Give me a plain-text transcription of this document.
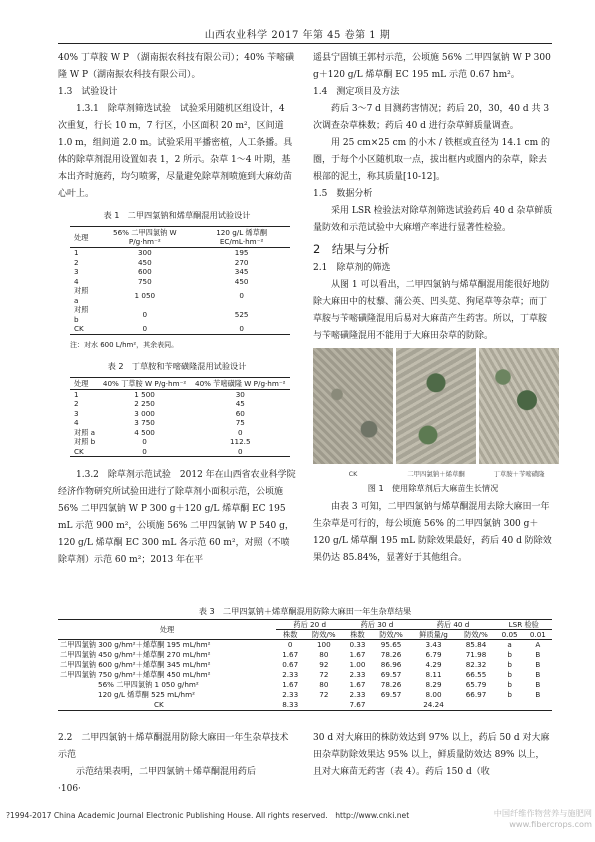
山西农业科学 2017 年第 45 卷第 1 期

40% 丁草胺 W P （湖南振农科技有限公司）；40% 苄嘧磺隆 W P（湖南振农科技有限公司）。

1.3　试验设计

1.3.1　除草剂筛选试验　试验采用随机区组设计，4 次重复，行长 10 m，7 行区，小区面积 20 m²，区间道 1.0 m，组间道 2.0 m。试验采用平播密植，人工条播。具体的除草剂混用设置如表 1，2 所示。杂草 1～4 叶期，基本出齐时施药，均匀喷雾，尽量避免除草剂喷施到大麻幼苗心叶上。

表 1　二甲四氯钠和烯草酮混用试验设计
处理	56% 二甲四氯钠 W P/g·hm⁻²	120 g/L 烯草酮 EC/mL·hm⁻²
1	300	195
2	450	270
3	600	345
4	750	450
对照 a	1 050	0
对照 b	0	525
CK	0	0
注：对水 600 L/hm²，其余表同。
表 2　丁草胺和苄嘧磺隆混用试验设计
处理	40% 丁草胺 W P/g·hm⁻²	40% 苄嘧磺隆 W P/g·hm⁻²
1	1 500	30
2	2 250	45
3	3 000	60
4	3 750	75
对照 a	4 500	0
对照 b	0	112.5
CK	0	0

1.3.2　除草剂示范试验　2012 年在山西省农业科学院经济作物研究所试验田进行了除草剂小面积示范，公顷施 56% 二甲四氯钠 W P 300 g＋120 g/L 烯草酮 EC 195 mL 示范 900 m²，公顷施 56% 二甲四氯钠 W P 540 g，120 g/L 烯草酮 EC 300 mL 各示范 60 m²，对照（不喷除草剂）示范 60 m²；2013 年在平

遥县宁固镇王郭村示范，公顷施 56% 二甲四氯钠 W P 300 g＋120 g/L 烯草酮 EC 195 mL 示范 0.67 hm²。

1.4　测定项目及方法

药后 3～7 d 目测药害情况；药后 20，30，40 d 共 3 次调查杂草株数；药后 40 d 进行杂草鲜质量调查。

用 25 cm×25 cm 的小木 / 铁框或直径为 14.1 cm 的圈，于每个小区随机取一点，拔出框内或圈内的杂草，除去根部的泥土，称其质量[10-12]。

1.5　数据分析

采用 LSR 检验法对除草剂筛选试验药后 40 d 杂草鲜质量防效和示范试验中大麻增产率进行显著性检验。

2　结果与分析

2.1　除草剂的筛选

从图 1 可以看出，二甲四氯钠与烯草酮混用能很好地防除大麻田中的杖藜、蒲公英、凹头苋、狗尾草等杂草；而丁草胺与苄嘧磺隆混用后易对大麻苗产生药害。所以，丁草胺与苄嘧磺隆混用不能用于大麻田杂草的防除。

CK	二甲四氯钠＋烯草酮	丁草胺＋苄嘧磺隆
图 1　使用除草剂后大麻苗生长情况

由表 3 可知，二甲四氯钠与烯草酮混用去除大麻田一年生杂草是可行的，每公顷施 56% 的二甲四氯钠 300 g＋120 g/L 烯草酮 195 mL 防除效果最好，药后 40 d 防除效果仍达 85.84%，显著好于其他组合。

表 3　二甲四氯钠＋烯草酮混用防除大麻田一年生杂草结果
处理	药后 20 d		药后 30 d		药后 40 d		LSR 检验	
	株数	防效/%	株数	防效/%	鲜质量/g	防效/%	0.05	0.01
二甲四氯钠 300 g/hm²＋烯草酮 195 mL/hm²	0	100	0.33	95.65	3.43	85.84	a	A
二甲四氯钠 450 g/hm²＋烯草酮 270 mL/hm²	1.67	80	1.67	78.26	6.79	71.98	b	B
二甲四氯钠 600 g/hm²＋烯草酮 345 mL/hm²	0.67	92	1.00	86.96	4.29	82.32	b	B
二甲四氯钠 750 g/hm²＋烯草酮 450 mL/hm²	2.33	72	2.33	69.57	8.11	66.55	b	B
56% 二甲四氯钠 1 050 g/hm²	1.67	80	1.67	78.26	8.29	65.79	b	B
120 g/L 烯草酮 525 mL/hm²	2.33	72	2.33	69.57	8.00	66.97	b	B
CK	8.33		7.67		24.24			

2.2　二甲四氯钠＋烯草酮混用防除大麻田一年生杂草技术示范

示范结果表明，二甲四氯钠＋烯草酮混用药后

·106·

30 d 对大麻田的株防效达到 97% 以上，药后 50 d 对大麻田杂草防除效果达 95% 以上，鲜质量防效达 89% 以上，且对大麻苗无药害（表 4）。药后 150 d（收

?1994-2017 China Academic Journal Electronic Publishing House. All rights reserved.　http://www.cnki.net	中国纤维作物营养与施肥网
www.fibercrops.com
